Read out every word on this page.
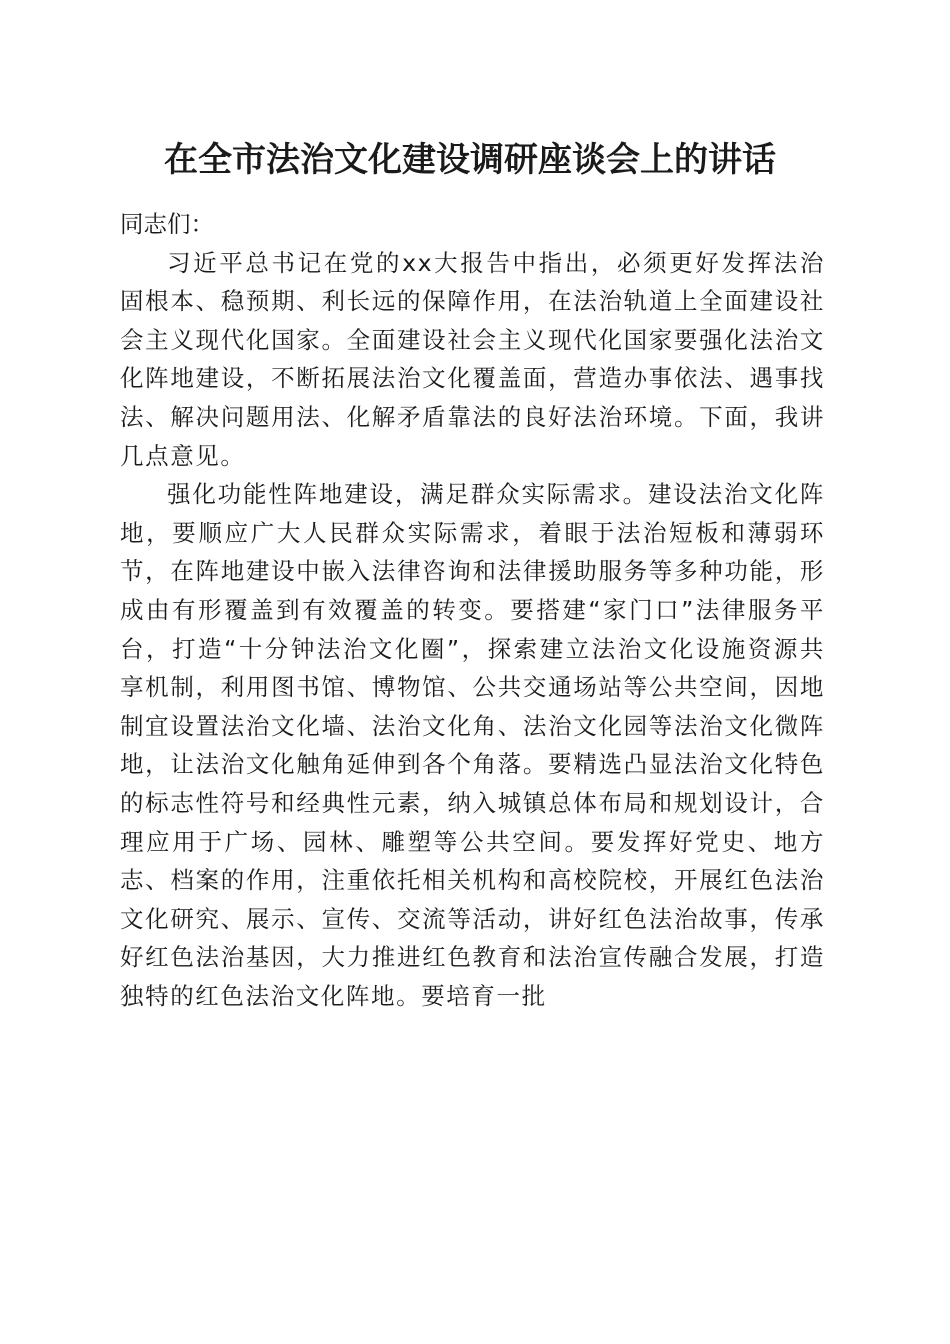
在全市法治文化建设调研座谈会上的讲话

同志们：

习近平总书记在党的xx大报告中指出，必须更好发挥法治固根本、稳预期、利长远的保障作用，在法治轨道上全面建设社会主义现代化国家。全面建设社会主义现代化国家要强化法治文化阵地建设，不断拓展法治文化覆盖面，营造办事依法、遇事找法、解决问题用法、化解矛盾靠法的良好法治环境。下面，我讲几点意见。

强化功能性阵地建设，满足群众实际需求。建设法治文化阵地，要顺应广大人民群众实际需求，着眼于法治短板和薄弱环节，在阵地建设中嵌入法律咨询和法律援助服务等多种功能，形成由有形覆盖到有效覆盖的转变。要搭建“家门口”法律服务平台，打造“十分钟法治文化圈”，探索建立法治文化设施资源共享机制，利用图书馆、博物馆、公共交通场站等公共空间，因地制宜设置法治文化墙、法治文化角、法治文化园等法治文化微阵地，让法治文化触角延伸到各个角落。要精选凸显法治文化特色的标志性符号和经典性元素，纳入城镇总体布局和规划设计，合理应用于广场、园林、雕塑等公共空间。要发挥好党史、地方志、档案的作用，注重依托相关机构和高校院校，开展红色法治文化研究、展示、宣传、交流等活动，讲好红色法治故事，传承好红色法治基因，大力推进红色教育和法治宣传融合发展，打造独特的红色法治文化阵地。要培育一批
